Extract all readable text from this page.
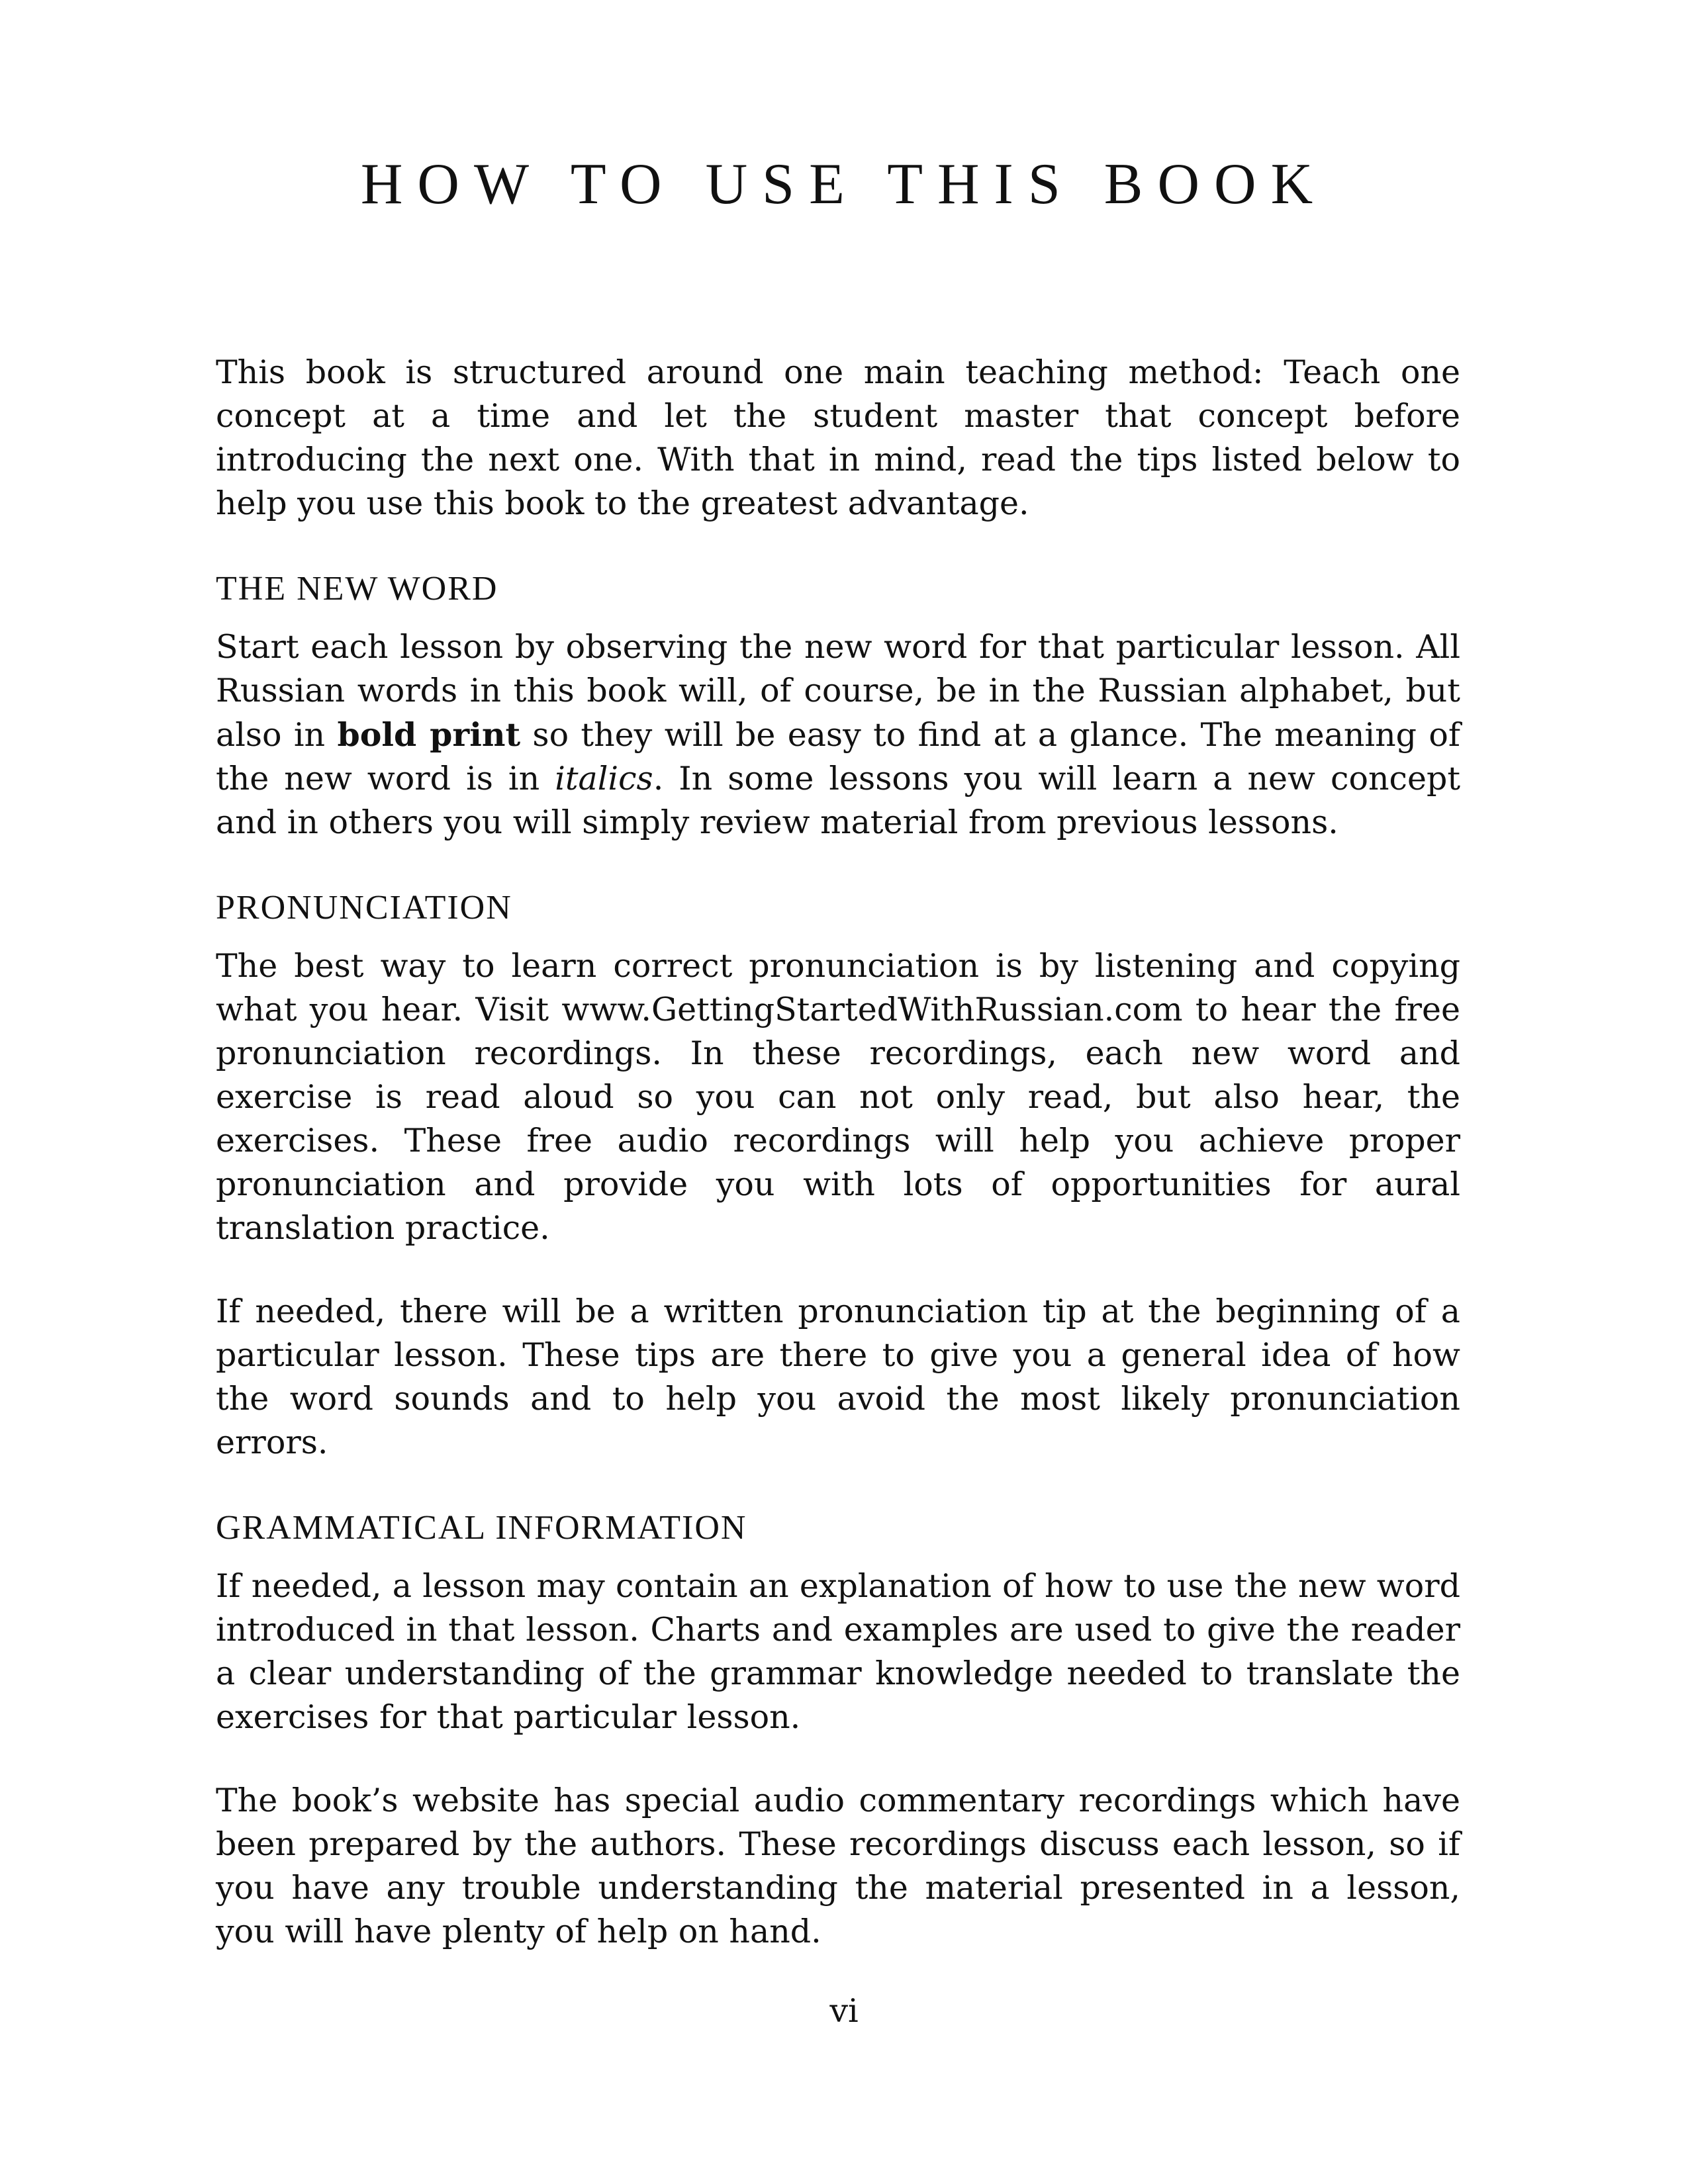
HOW TO USE THIS BOOK

This book is structured around one main teaching method: Teach one concept at a time and let the student master that concept before introducing the next one. With that in mind, read the tips listed below to help you use this book to the greatest advantage.

THE NEW WORD

Start each lesson by observing the new word for that particular lesson. All Russian words in this book will, of course, be in the Russian alphabet, but also in bold print so they will be easy to find at a glance. The meaning of the new word is in italics. In some lessons you will learn a new concept and in others you will simply review material from previous lessons.

PRONUNCIATION

The best way to learn correct pronunciation is by listening and copying what you hear. Visit www.GettingStartedWithRussian.com to hear the free pronunciation recordings. In these recordings, each new word and exercise is read aloud so you can not only read, but also hear, the exercises. These free audio recordings will help you achieve proper pronunciation and provide you with lots of opportunities for aural translation practice.

If needed, there will be a written pronunciation tip at the beginning of a particular lesson. These tips are there to give you a general idea of how the word sounds and to help you avoid the most likely pronunciation errors.

GRAMMATICAL INFORMATION

If needed, a lesson may contain an explanation of how to use the new word introduced in that lesson. Charts and examples are used to give the reader a clear understanding of the grammar knowledge needed to translate the exercises for that particular lesson.

The book’s website has special audio commentary recordings which have been prepared by the authors. These recordings discuss each lesson, so if you have any trouble understanding the material presented in a lesson, you will have plenty of help on hand.

vi
